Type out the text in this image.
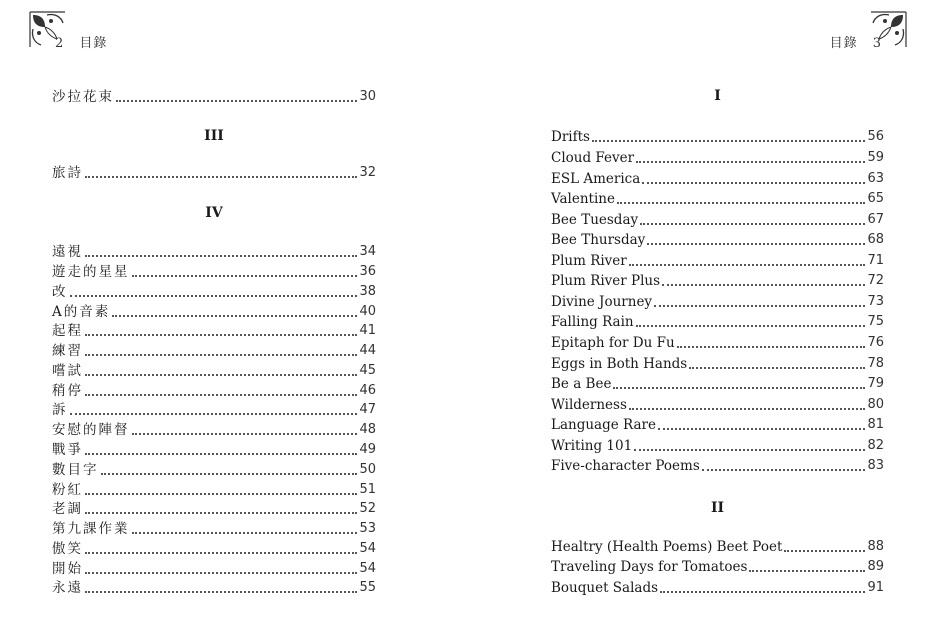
2 目錄
沙拉花束	30
III
旅詩	32
IV
遠視	34
遊走的星星	36
改	38
A的音素	40
起程	41
練習	44
嚐試	45
稍停	46
訴	47
安慰的陣督	48
戰爭	49
數目字	50
粉紅	51
老調	52
第九課作業	53
傲笑	54
開始	54
永遠	55
目錄 3
I
Drifts	56
Cloud Fever	59
ESL America	63
Valentine	65
Bee Tuesday	67
Bee Thursday	68
Plum River	71
Plum River Plus	72
Divine Journey	73
Falling Rain	75
Epitaph for Du Fu	76
Eggs in Both Hands	78
Be a Bee	79
Wilderness	80
Language Rare	81
Writing 101	82
Five-character Poems	83
II
Healtry (Health Poems) Beet Poet	88
Traveling Days for Tomatoes	89
Bouquet Salads	91
